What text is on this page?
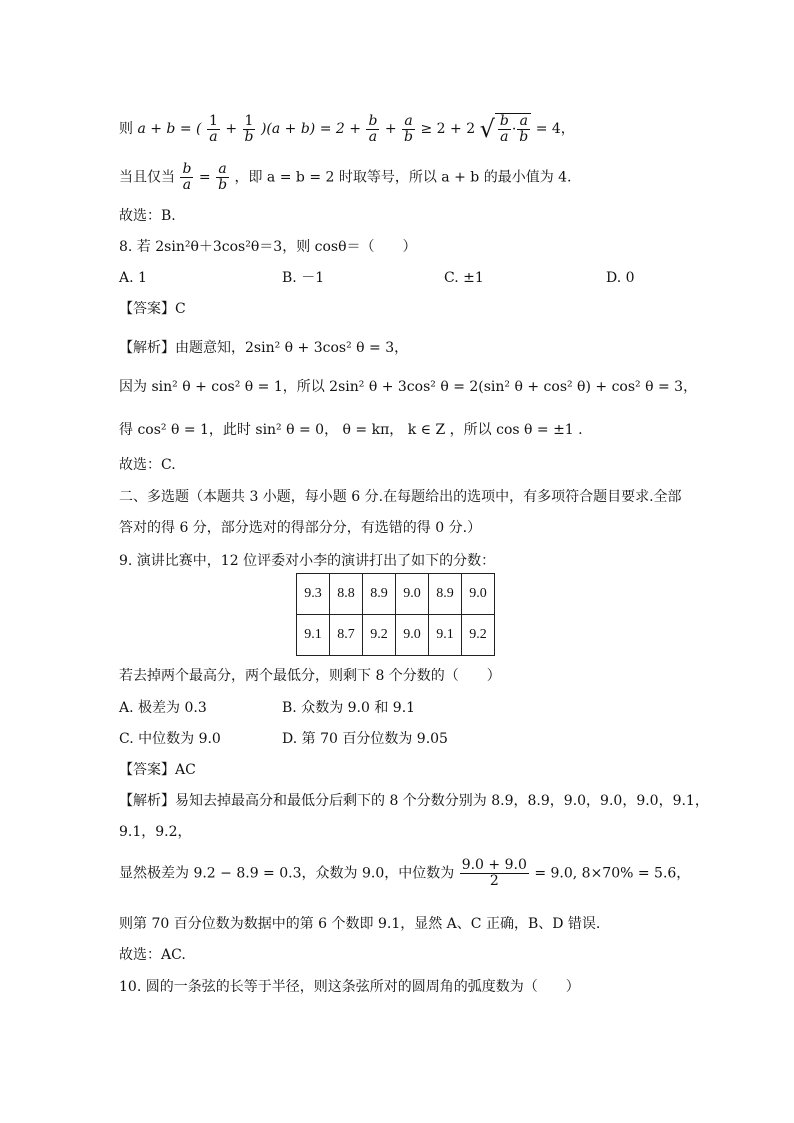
则 a + b = ( $\frac{1}{a} + \frac{1}{b} )(a + b) = 2 + \frac{b}{a} + \frac{a}{b} \ge 2 + 2$ √ $\frac{b}{a} \cdot \frac{a}{b} = 4$，
当且仅当 $\frac{b}{a} = \frac{a}{b}$ ，即 a = b = 2 时取等号，所以 a + b 的最小值为 4.
故选：B.
8. 若 2sin²θ＋3cos²θ＝3，则 cosθ＝（　　）
A. 1	B. －1	C. ±1	D. 0
【答案】C
【解析】由题意知，2sin² θ + 3cos² θ = 3，
因为 sin² θ + cos² θ = 1，所以 2sin² θ + 3cos² θ = 2(sin² θ + cos² θ) + cos² θ = 3，
得 cos² θ = 1，此时 sin² θ = 0， θ = kπ， k ∈ Z ，所以 cos θ = ±1 .
故选：C.
二、多选题（本题共 3 小题，每小题 6 分.在每题给出的选项中，有多项符合题目要求.全部
答对的得 6 分，部分选对的得部分分，有选错的得 0 分.）
9. 演讲比赛中，12 位评委对小李的演讲打出了如下的分数：
9.3	8.8	8.9	9.0	8.9	9.0
9.1	8.7	9.2	9.0	9.1	9.2
若去掉两个最高分，两个最低分，则剩下 8 个分数的（　　）
A. 极差为 0.3	B. 众数为 9.0 和 9.1
C. 中位数为 9.0	D. 第 70 百分位数为 9.05
【答案】AC
【解析】易知去掉最高分和最低分后剩下的 8 个分数分别为 8.9，8.9，9.0，9.0，9.0，9.1，
9.1，9.2，
显然极差为 9.2 − 8.9 = 0.3，众数为 9.0，中位数为 $\frac{9.0 + 9.0}{2} = 9.0$, 8×70% = 5.6，
则第 70 百分位数为数据中的第 6 个数即 9.1，显然 A、C 正确，B、D 错误.
故选：AC.
10. 圆的一条弦的长等于半径，则这条弦所对的圆周角的弧度数为（　　）
